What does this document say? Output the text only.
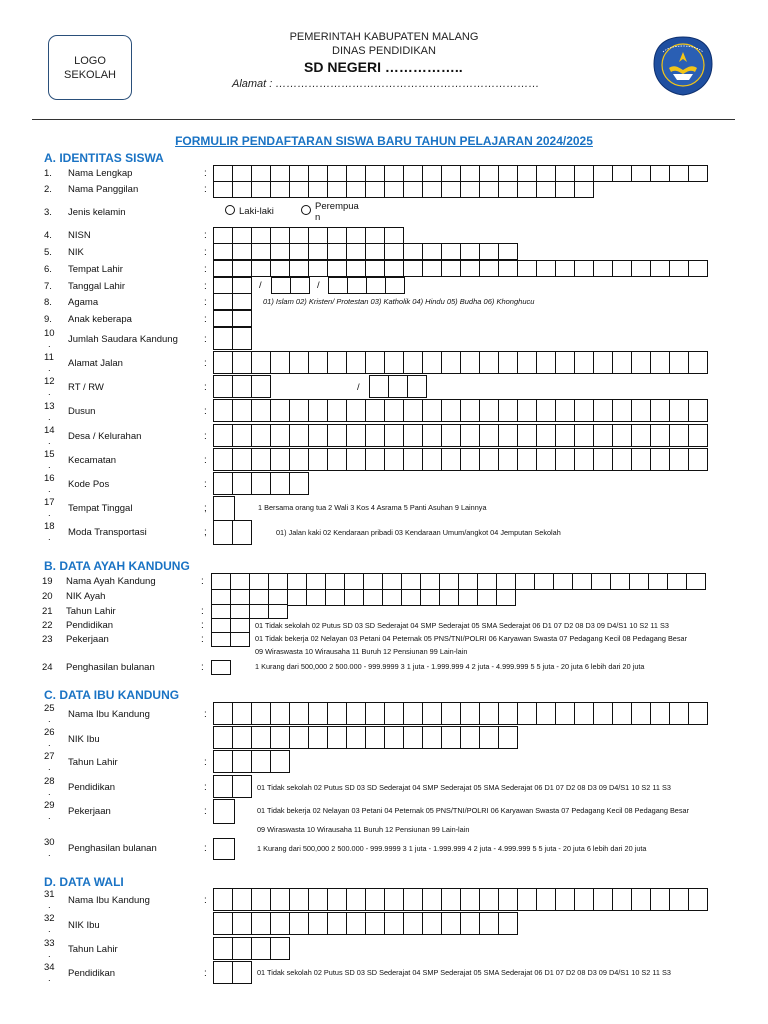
LOGO
SEKOLAH
PEMERINTAH KABUPATEN MALANG
DINAS PENDIDIKAN
SD NEGERI ……………..
Alamat : ………………………………………………………………
FORMULIR PENDAFTARAN SISWA BARU TAHUN PELAJARAN 2024/2025
A. IDENTITAS SISWA
B. DATA AYAH KANDUNG
C. DATA IBU KANDUNG
D. DATA WALI
1. Nama Lengkap
2. Nama Panggilan
3. Jenis kelamin
4. NISN
5. NIK
6. Tempat Lahir
7. Tanggal Lahir
8. Agama
9. Anak keberapa
10
. Jumlah Saudara Kandung
11
. Alamat Jalan
12
. RT / RW
13
.
Dusun
14
. Desa / Kelurahan
15
. Kecamatan
16
. Kode Pos
17
. Tempat Tinggal
18
. Moda Transportasi
19 Nama Ayah Kandung
20 NIK Ayah
21 Tahun Lahir
22 Pendidikan
23 Pekerjaan
24 Penghasilan bulanan
25
. Nama Ibu Kandung
26
. NIK Ibu
27
. Tahun Lahir
28
. Pendidikan
29
. Pekerjaan
30
. Penghasilan bulanan
31
. Nama Ibu Kandung
32
. NIK Ibu
33
. Tahun Lahir
34
. Pendidikan
:
:
:
:
:
:
:
:
:
:
:
:
:
:
:
;
;
:
:
:
:
:
:
:
:
:
:
:
:
Laki-laki	Perempua
n
/	/
/
01) Islam 02) Kristen/ Protestan 03) Katholik 04) Hindu 05) Budha 06) Khonghucu
1 Bersama orang tua 2 Wali 3 Kos 4 Asrama 5 Panti Asuhan 9 Lainnya
01) Jalan kaki 02 Kendaraan pribadi 03 Kendaraan Umum/angkot 04 Jemputan Sekolah
01 Tidak sekolah 02 Putus SD 03 SD Sederajat 04 SMP Sederajat 05 SMA Sederajat 06 D1 07 D2 08 D3 09 D4/S1 10 S2 11 S3
01 Tidak bekerja 02 Nelayan 03 Petani 04 Peternak 05 PNS/TNI/POLRI 06 Karyawan Swasta 07 Pedagang Kecil 08 Pedagang Besar
09 Wiraswasta 10 Wirausaha 11 Buruh 12 Pensiunan 99 Lain-lain
1 Kurang dari 500,000 2 500.000 - 999.9999 3 1 juta - 1.999.999 4 2 juta - 4.999.999 5 5 juta - 20 juta 6 lebih dari 20 juta
01 Tidak sekolah 02 Putus SD 03 SD Sederajat 04 SMP Sederajat 05 SMA Sederajat 06 D1 07 D2 08 D3 09 D4/S1 10 S2 11 S3
01 Tidak bekerja 02 Nelayan 03 Petani 04 Peternak 05 PNS/TNI/POLRI 06 Karyawan Swasta 07 Pedagang Kecil 08 Pedagang Besar
09 Wiraswasta 10 Wirausaha 11 Buruh 12 Pensiunan 99 Lain-lain
1 Kurang dari 500,000 2 500.000 - 999.9999 3 1 juta - 1.999.999 4 2 juta - 4.999.999 5 5 juta - 20 juta 6 lebih dari 20 juta
01 Tidak sekolah 02 Putus SD 03 SD Sederajat 04 SMP Sederajat 05 SMA Sederajat 06 D1 07 D2 08 D3 09 D4/S1 10 S2 11 S3
